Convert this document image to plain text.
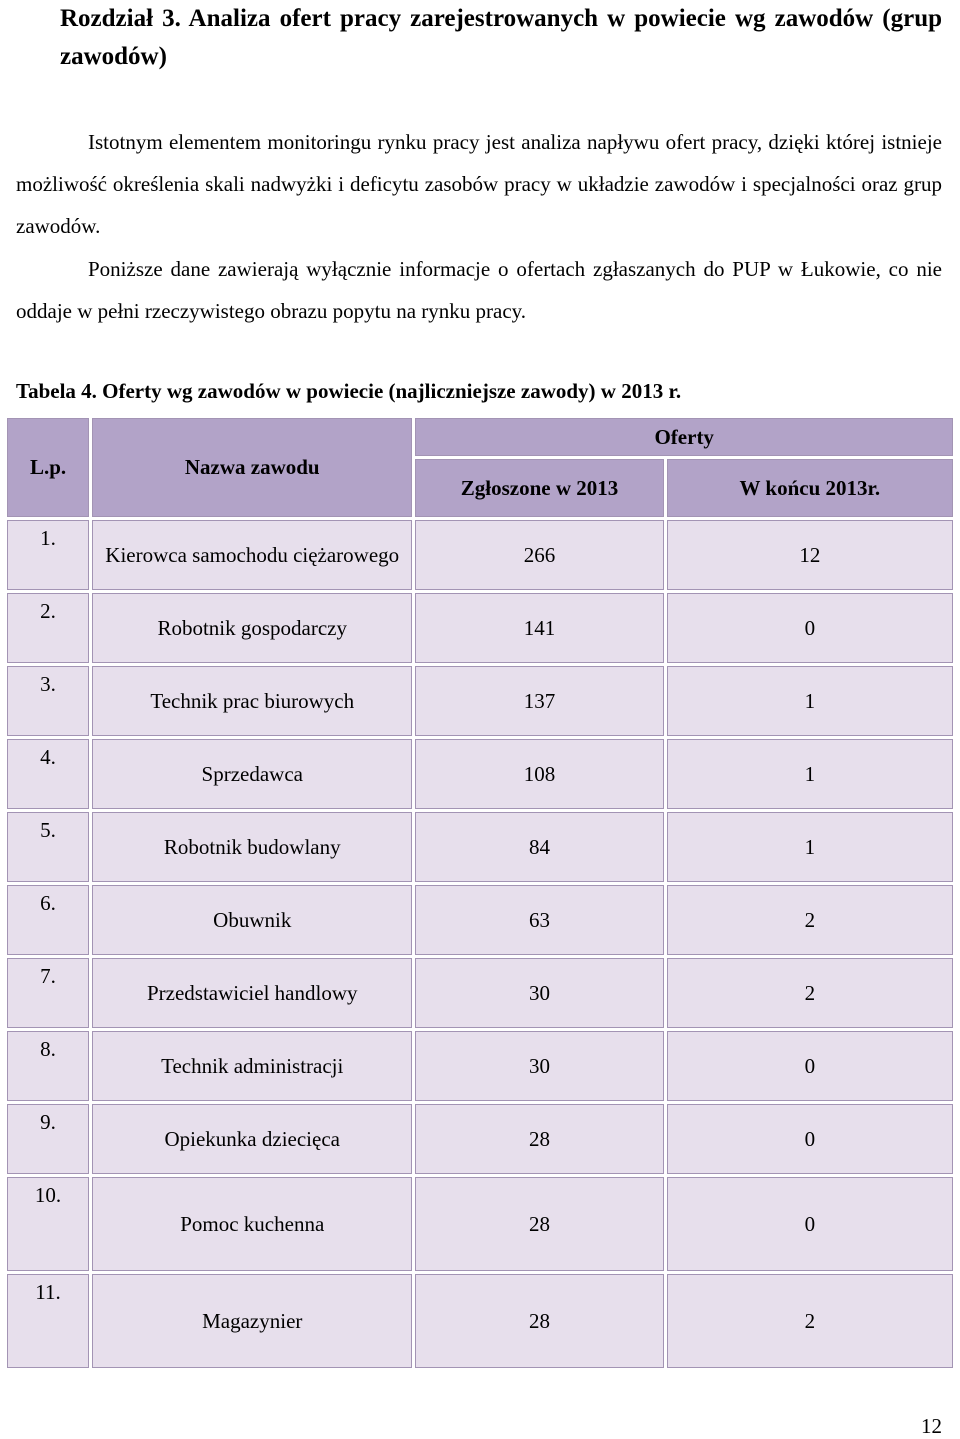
Rozdział 3. Analiza ofert pracy zarejestrowanych w powiecie wg zawodów (grup zawodów)

Istotnym elementem monitoringu rynku pracy jest analiza napływu ofert pracy, dzięki której istnieje możliwość określenia skali nadwyżki i deficytu zasobów pracy w układzie zawodów i specjalności oraz grup zawodów.

Poniższe dane zawierają wyłącznie informacje o ofertach zgłaszanych do PUP w Łukowie, co nie oddaje w pełni rzeczywistego obrazu popytu na rynku pracy.

Tabela 4. Oferty wg zawodów w powiecie (najliczniejsze zawody) w 2013 r.

L.p.	Nazwa zawodu	Oferty	
		Zgłoszone w 2013	W końcu 2013r.
1.	Kierowca samochodu ciężarowego	266	12
2.	Robotnik gospodarczy	141	0
3.	Technik prac biurowych	137	1
4.	Sprzedawca	108	1
5.	Robotnik budowlany	84	1
6.	Obuwnik	63	2
7.	Przedstawiciel handlowy	30	2
8.	Technik administracji	30	0
9.	Opiekunka dziecięca	28	0
10.	Pomoc kuchenna	28	0
11.	Magazynier	28	2
12
